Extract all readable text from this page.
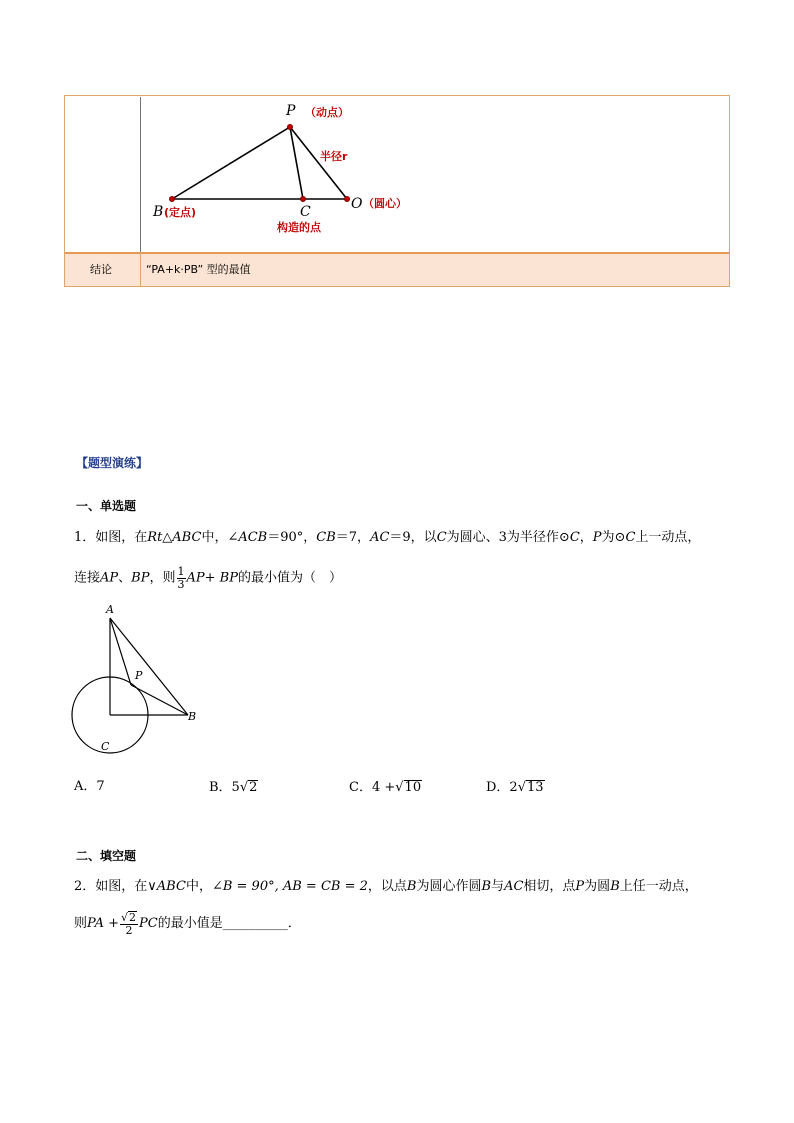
结论	“PA+k·PB” 型的最值
P （动点）
半径r
B (定点)	C
构造的点
O （圆心）
【题型演练】
一、单选题
1．如图，在Rt△ABC中，∠ACB＝90°，CB＝7，AC＝9，以C为圆心、3为半径作⊙C，P为⊙C上一动点，
连接AP、BP，则 $\frac{1}{3} AP+$ BP的最小值为（　）
A
P
C
B
A．7	B．5√2	C．4 +√10	D．2√13
二、填空题
2．如图，在∨ABC中，∠B = 90°, AB = CB = 2，以点B为圆心作圆B与AC相切，点P为圆B上任一动点，
则PA + $\frac{√2}{2}$ PC的最小值是__________．
